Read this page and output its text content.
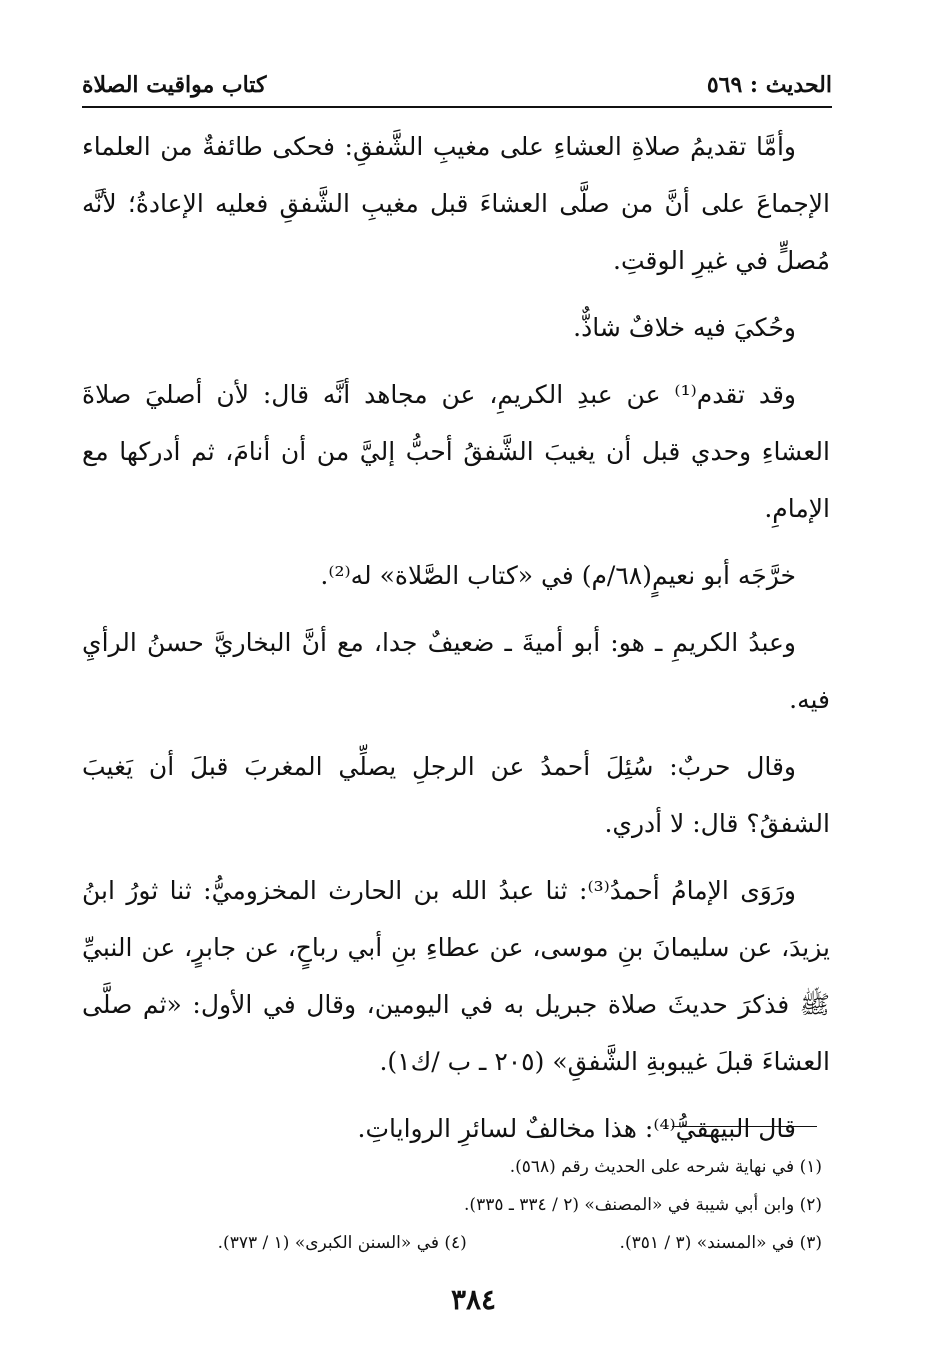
الحديث : ٥٦٩
كتاب مواقيت الصلاة

وأمَّا تقديمُ صلاةِ العشاءِ على مغيبِ الشَّفقِ: فحكى طائفةٌ من العلماء الإجماعَ على أنَّ من صلَّى العشاءَ قبل مغيبِ الشَّفقِ فعليه الإعادةُ؛ لأنَّه مُصلٍّ في غيرِ الوقتِ.

وحُكيَ فيه خلافٌ شاذٌّ.

وقد تقدم⁽¹⁾ عن عبدِ الكريمِ، عن مجاهد أنَّه قال: لأن أصليَ صلاةَ العشاءِ وحدي قبل أن يغيبَ الشَّفقُ أحبُّ إليَّ من أن أنامَ، ثم أدركها مع الإمامِ.

خرَّجَه أبو نعيمٍ(٦٨/م) في «كتاب الصَّلاة» له⁽²⁾.

وعبدُ الكريمِ ـ هو: أبو أميةَ ـ ضعيفٌ جدا، مع أنَّ البخاريَّ حسنُ الرأيِ فيه.

وقال حربٌ: سُئِلَ أحمدُ عن الرجلِ يصلِّي المغربَ قبلَ أن يَغيبَ الشفقُ؟ قال: لا أدري.

ورَوَى الإمامُ أحمدُ⁽³⁾: ثنا عبدُ الله بن الحارث المخزوميُّ: ثنا ثورُ ابنُ يزيدَ، عن سليمانَ بنِ موسى، عن عطاءِ بنِ أبي رباحٍ، عن جابرٍ، عن النبيِّ ﷺ فذكرَ حديثَ صلاة جبريل به في اليومين، وقال في الأول: «ثم صلَّى العشاءَ قبلَ غيبوبةِ الشَّفقِ» (٢٠٥ ـ ب /ك١).

قال البيهقيُّ⁽⁴⁾: هذا مخالفٌ لسائرِ الرواياتِ.

(١) في نهاية شرحه على الحديث رقم (٥٦٨).
(٢) وابن أبي شيبة في «المصنف» (٢ / ٣٣٤ ـ ٣٣٥).
(٣) في «المسند» (٣ / ٣٥١).
(٤) في «السنن الكبرى» (١ / ٣٧٣).
٣٨٤
